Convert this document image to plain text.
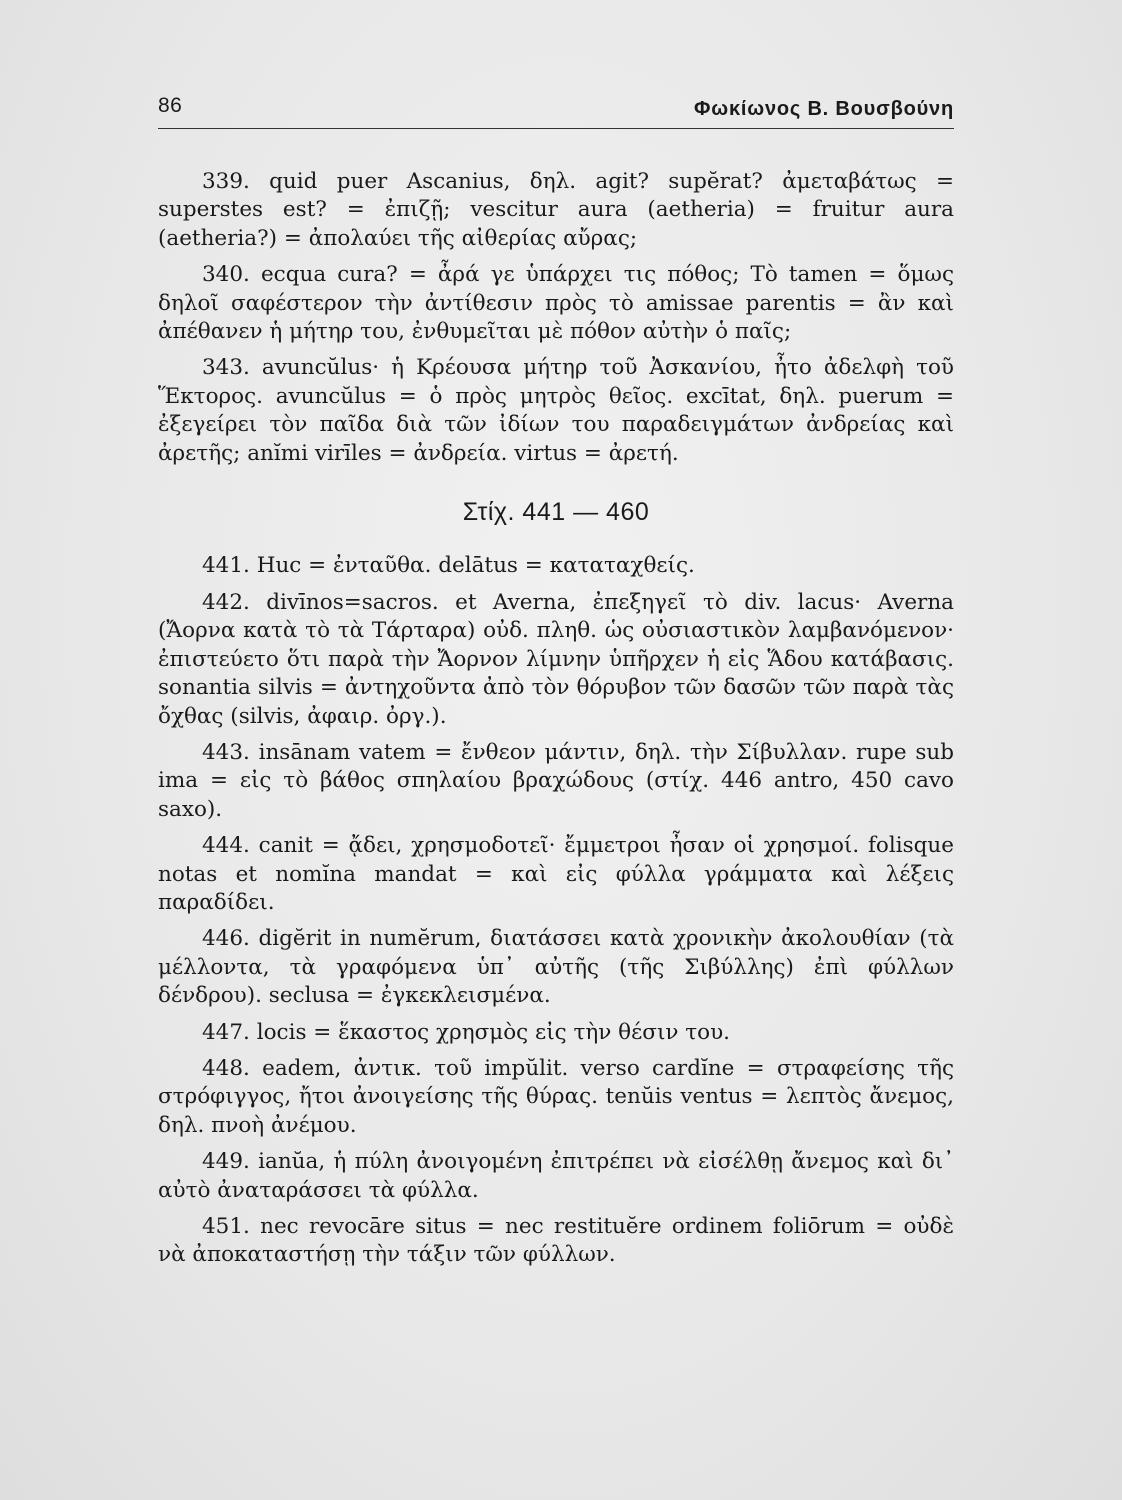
86	Φωκίωνος Β. Βουσβούνη

339. quid puer Ascanius, δηλ. agit? supĕrat? ἀμεταβάτως = superstes est? = ἐπιζῇ; vescitur aura (aetheria) = fruitur aura (aetheria?) = ἀπολαύει τῆς αἰθερίας αὔρας;

340. ecqua cura? = ἆρά γε ὑπάρχει τις πόθος; Τὸ tamen = ὅμως δηλοῖ σαφέστερον τὴν ἀντίθεσιν πρὸς τὸ amissae parentis = ἂν καὶ ἀπέθανεν ἡ μήτηρ του, ἐνθυμεῖται μὲ πόθον αὐτὴν ὁ παῖς;

343. avuncŭlus· ἡ Κρέουσα μήτηρ τοῦ Ἀσκανίου, ἦτο ἀδελφὴ τοῦ Ἕκτορος. avuncŭlus = ὁ πρὸς μητρὸς θεῖος. excītat, δηλ. puerum = ἐξεγείρει τὸν παῖδα διὰ τῶν ἰδίων του παραδειγμάτων ἀνδρείας καὶ ἀρετῆς; anĭmi virīles = ἀνδρεία. virtus = ἀρετή.

Στίχ. 441 — 460

441. Huc = ἐνταῦθα. delātus = καταταχθείς.

442. divīnos=sacros. et Averna, ἐπεξηγεῖ τὸ div. lacus· Averna (Ἄορνα κατὰ τὸ τὰ Τάρταρα) οὐδ. πληθ. ὡς οὐσιαστικὸν λαμβανόμενον· ἐπιστεύετο ὅτι παρὰ τὴν Ἄορνον λίμνην ὑπῆρχεν ἡ εἰς Ἅδου κατάβασις. sonantia silvis = ἀντηχοῦντα ἀπὸ τὸν θόρυβον τῶν δασῶν τῶν παρὰ τὰς ὄχθας (silvis, ἀφαιρ. ὀργ.).

443. insānam vatem = ἔνθεον μάντιν, δηλ. τὴν Σίβυλλαν. rupe sub ima = εἰς τὸ βάθος σπηλαίου βραχώδους (στίχ. 446 antro, 450 cavo saxo).

444. canit = ᾄδει, χρησμοδοτεῖ· ἔμμετροι ἦσαν οἱ χρησμοί. folisque notas et nomĭna mandat = καὶ εἰς φύλλα γράμματα καὶ λέξεις παραδίδει.

446. digĕrit in numĕrum, διατάσσει κατὰ χρονικὴν ἀκολουθίαν (τὰ μέλλοντα, τὰ γραφόμενα ὑπ᾽ αὐτῆς (τῆς Σιβύλλης) ἐπὶ φύλλων δένδρου). seclusa = ἐγκεκλεισμένα.

447. locis = ἕκαστος χρησμὸς εἰς τὴν θέσιν του.

448. eadem, ἀντικ. τοῦ impŭlit. verso cardĭne = στραφείσης τῆς στρόφιγγος, ἤτοι ἀνοιγείσης τῆς θύρας. tenŭis ventus = λεπτὸς ἄνεμος, δηλ. πνοὴ ἀνέμου.

449. ianŭa, ἡ πύλη ἀνοιγομένη ἐπιτρέπει νὰ εἰσέλθῃ ἄνεμος καὶ δι᾽ αὐτὸ ἀναταράσσει τὰ φύλλα.

451. nec revocāre situs = nec restituĕre ordinem foliōrum = οὐδὲ νὰ ἀποκαταστήσῃ τὴν τάξιν τῶν φύλλων.
